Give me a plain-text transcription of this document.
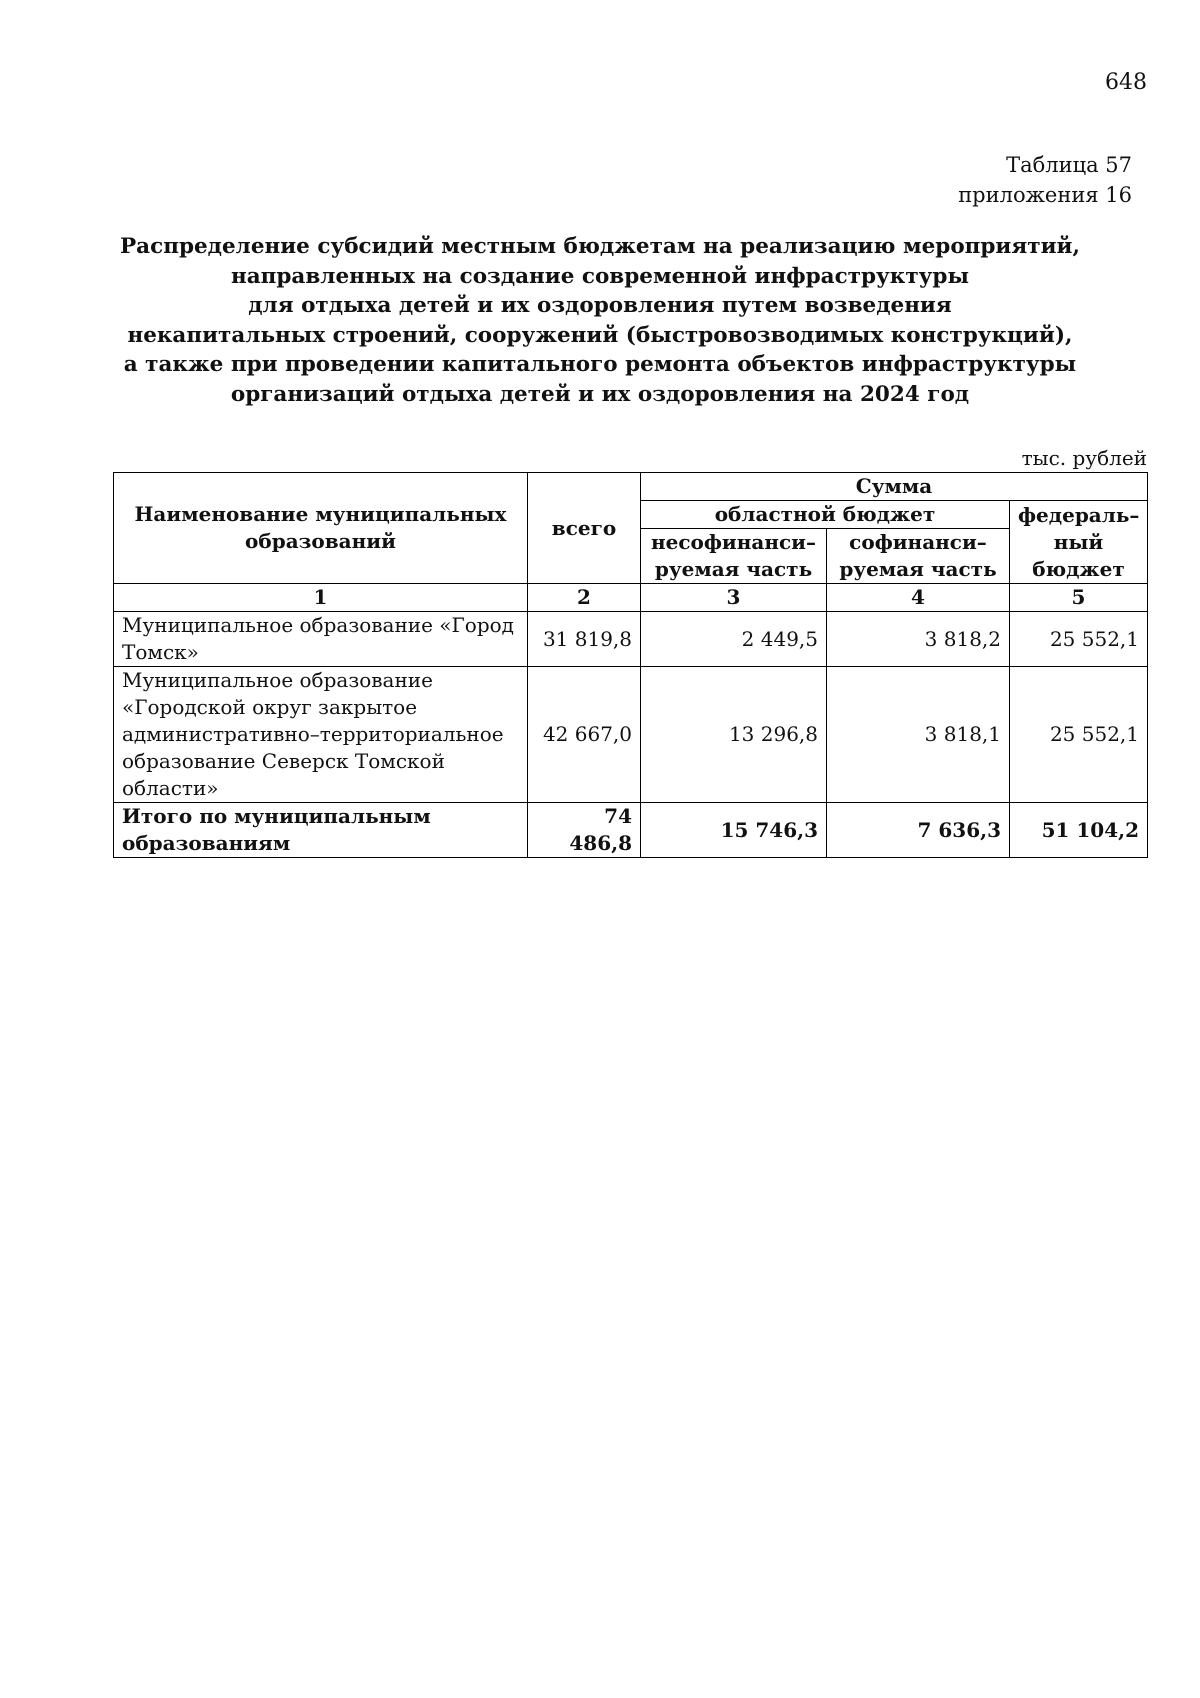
648
Таблица 57
приложения 16
Распределение субсидий местным бюджетам на реализацию мероприятий,
направленных на создание современной инфраструктуры
для отдыха детей и их оздоровления путем возведения
некапитальных строений, сооружений (быстровозводимых конструкций),
а также при проведении капитального ремонта объектов инфраструктуры
организаций отдыха детей и их оздоровления на 2024 год
тыс. рублей
Наименование муниципальных образований	всего	Сумма		
		областной бюджет		федераль–ный бюджет
		несофинанси–руемая часть	софинанси–руемая часть	
1	2	3	4	5
Муниципальное образование «Город Томск»	31 819,8	2 449,5	3 818,2	25 552,1
Муниципальное образование «Городской округ закрытое административно–территориальное образование Северск Томской области»	42 667,0	13 296,8	3 818,1	25 552,1
Итого по муниципальным образованиям	74 486,8	15 746,3	7 636,3	51 104,2
